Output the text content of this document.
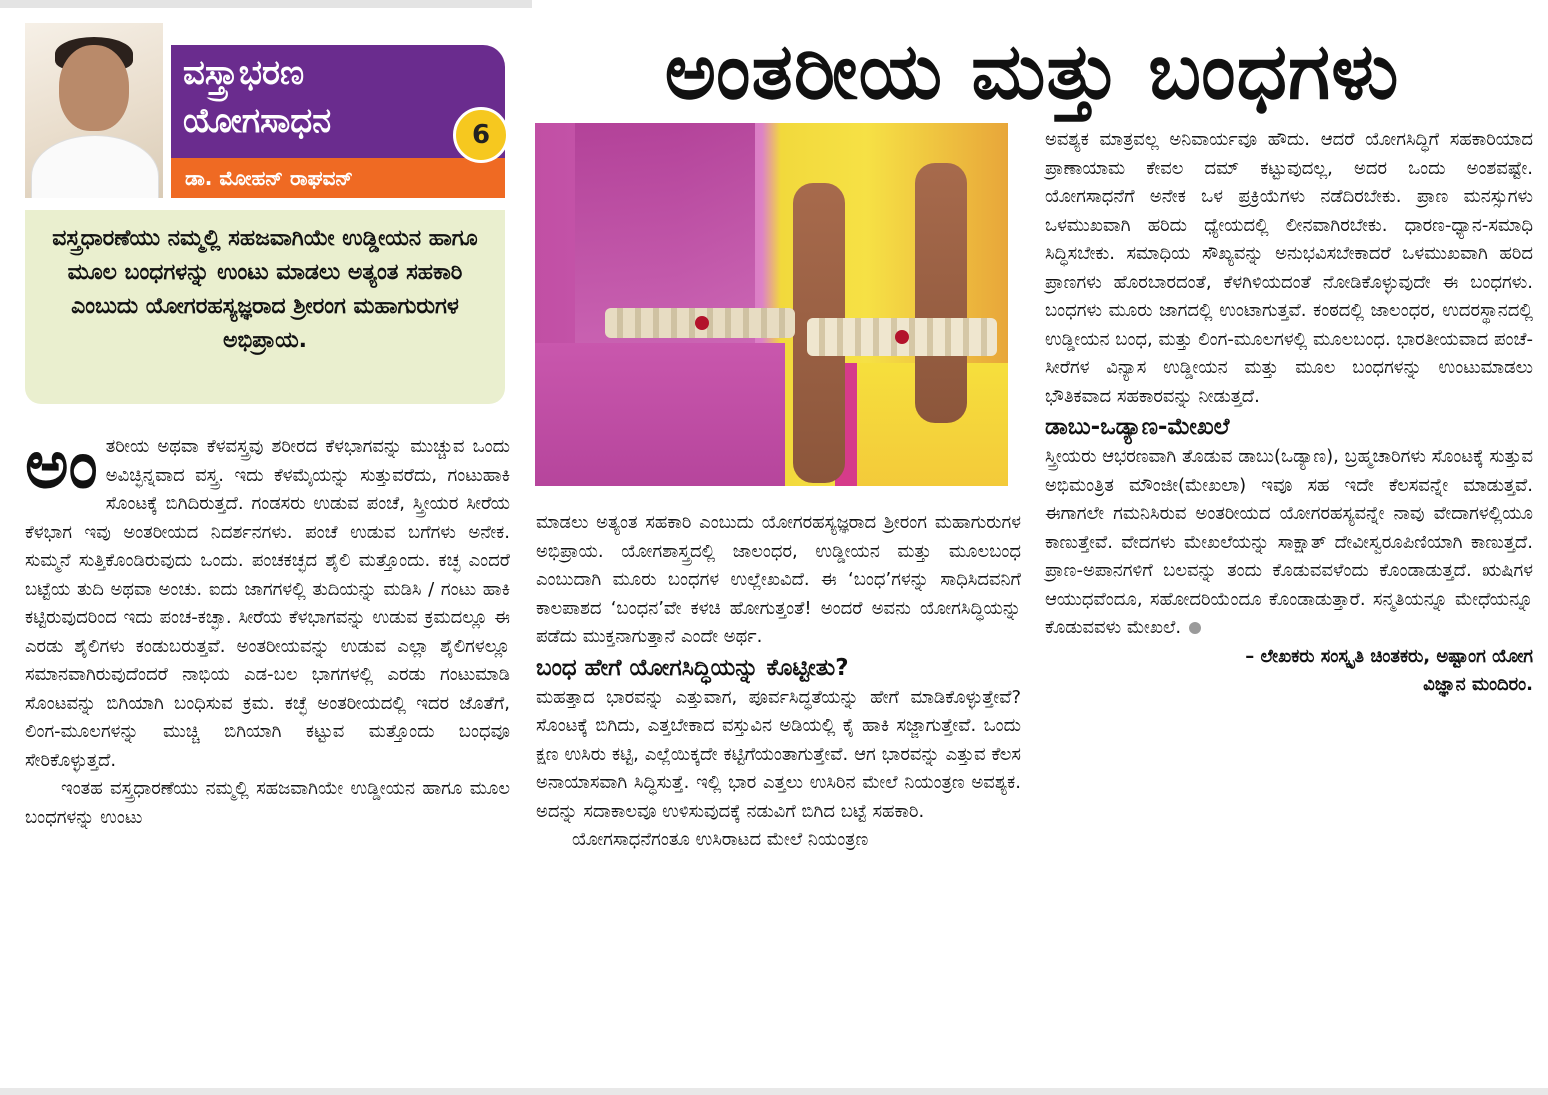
ವಸ್ತ್ರಾಭರಣ
ಯೋಗಸಾಧನ
ಡಾ. ಮೋಹನ್ ರಾಘವನ್
6

ವಸ್ತ್ರಧಾರಣೆಯು ನಮ್ಮಲ್ಲಿ ಸಹಜವಾಗಿಯೇ ಉಡ್ಡೀಯನ ಹಾಗೂ ಮೂಲ ಬಂಧಗಳನ್ನು ಉಂಟು ಮಾಡಲು ಅತ್ಯಂತ ಸಹಕಾರಿ ಎಂಬುದು ಯೋಗರಹಸ್ಯಜ್ಞರಾದ ಶ್ರೀರಂಗ ಮಹಾಗುರುಗಳ ಅಭಿಪ್ರಾಯ.

ಅಂತರೀಯ ಮತ್ತು ಬಂಧಗಳು

ಅಂತರೀಯ ಅಥವಾ ಕೆಳವಸ್ತ್ರವು ಶರೀರದ ಕೆಳಭಾಗವನ್ನು ಮುಚ್ಚುವ ಒಂದು ಅವಿಚ್ಛಿನ್ನವಾದ ವಸ್ತ್ರ. ಇದು ಕೆಳಮೈಯನ್ನು ಸುತ್ತುವರೆದು, ಗಂಟುಹಾಕಿ ಸೊಂಟಕ್ಕೆ ಬಿಗಿದಿರುತ್ತದೆ. ಗಂಡಸರು ಉಡುವ ಪಂಚೆ, ಸ್ತ್ರೀಯರ ಸೀರೆಯ ಕೆಳಭಾಗ ಇವು ಅಂತರೀಯದ ನಿದರ್ಶನಗಳು. ಪಂಚೆ ಉಡುವ ಬಗೆಗಳು ಅನೇಕ. ಸುಮ್ಮನೆ ಸುತ್ತಿಕೊಂಡಿರುವುದು ಒಂದು. ಪಂಚಕಚ್ಛದ ಶೈಲಿ ಮತ್ತೊಂದು. ಕಚ್ಛ ಎಂದರೆ ಬಟ್ಟೆಯ ತುದಿ ಅಥವಾ ಅಂಚು. ಐದು ಜಾಗಗಳಲ್ಲಿ ತುದಿಯನ್ನು ಮಡಿಸಿ / ಗಂಟು ಹಾಕಿ ಕಟ್ಟಿರುವುದರಿಂದ ಇದು ಪಂಚ-ಕಚ್ಛಾ. ಸೀರೆಯ ಕೆಳಭಾಗವನ್ನು ಉಡುವ ಕ್ರಮದಲ್ಲೂ ಈ ಎರಡು ಶೈಲಿಗಳು ಕಂಡುಬರುತ್ತವೆ. ಅಂತರೀಯವನ್ನು ಉಡುವ ಎಲ್ಲಾ ಶೈಲಿಗಳಲ್ಲೂ ಸಮಾನವಾಗಿರುವುದೆಂದರೆ ನಾಭಿಯ ಎಡ-ಬಲ ಭಾಗಗಳಲ್ಲಿ ಎರಡು ಗಂಟುಮಾಡಿ ಸೊಂಟವನ್ನು ಬಿಗಿಯಾಗಿ ಬಂಧಿಸುವ ಕ್ರಮ. ಕಚ್ಛೆ ಅಂತರೀಯದಲ್ಲಿ ಇದರ ಜೊತೆಗೆ, ಲಿಂಗ-ಮೂಲಗಳನ್ನು ಮುಚ್ಚಿ ಬಿಗಿಯಾಗಿ ಕಟ್ಟುವ ಮತ್ತೊಂದು ಬಂಧವೂ ಸೇರಿಕೊಳ್ಳುತ್ತದೆ.

ಇಂತಹ ವಸ್ತ್ರಧಾರಣೆಯು ನಮ್ಮಲ್ಲಿ ಸಹಜವಾಗಿಯೇ ಉಡ್ಡೀಯನ ಹಾಗೂ ಮೂಲ ಬಂಧಗಳನ್ನು ಉಂಟು

ಮಾಡಲು ಅತ್ಯಂತ ಸಹಕಾರಿ ಎಂಬುದು ಯೋಗರಹಸ್ಯಜ್ಞರಾದ ಶ್ರೀರಂಗ ಮಹಾಗುರುಗಳ ಅಭಿಪ್ರಾಯ. ಯೋಗಶಾಸ್ತ್ರದಲ್ಲಿ ಜಾಲಂಧರ, ಉಡ್ಡೀಯನ ಮತ್ತು ಮೂಲಬಂಧ ಎಂಬುದಾಗಿ ಮೂರು ಬಂಧಗಳ ಉಲ್ಲೇಖವಿದೆ. ಈ ‘ಬಂಧ’ಗಳನ್ನು ಸಾಧಿಸಿದವನಿಗೆ ಕಾಲಪಾಶದ ‘ಬಂಧನ’ವೇ ಕಳಚಿ ಹೋಗುತ್ತಂತೆ! ಅಂದರೆ ಅವನು ಯೋಗಸಿದ್ಧಿಯನ್ನು ಪಡೆದು ಮುಕ್ತನಾಗುತ್ತಾನೆ ಎಂದೇ ಅರ್ಥ.

ಬಂಧ ಹೇಗೆ ಯೋಗಸಿದ್ಧಿಯನ್ನು ಕೊಟ್ಟೀತು?

ಮಹತ್ತಾದ ಭಾರವನ್ನು ಎತ್ತುವಾಗ, ಪೂರ್ವಸಿದ್ಧತೆಯನ್ನು ಹೇಗೆ ಮಾಡಿಕೊಳ್ಳುತ್ತೇವೆ? ಸೊಂಟಕ್ಕೆ ಬಿಗಿದು, ಎತ್ತಬೇಕಾದ ವಸ್ತುವಿನ ಅಡಿಯಲ್ಲಿ ಕೈ ಹಾಕಿ ಸಜ್ಜಾಗುತ್ತೇವೆ. ಒಂದು ಕ್ಷಣ ಉಸಿರು ಕಟ್ಟಿ, ಎಲ್ಲೆಯಿಕ್ಕದೇ ಕಟ್ಟಿಗೆಯಂತಾಗುತ್ತೇವೆ. ಆಗ ಭಾರವನ್ನು ಎತ್ತುವ ಕೆಲಸ ಅನಾಯಾಸವಾಗಿ ಸಿದ್ಧಿಸುತ್ತೆ. ಇಲ್ಲಿ ಭಾರ ಎತ್ತಲು ಉಸಿರಿನ ಮೇಲೆ ನಿಯಂತ್ರಣ ಅವಶ್ಯಕ. ಅದನ್ನು ಸದಾಕಾಲವೂ ಉಳಿಸುವುದಕ್ಕೆ ನಡುವಿಗೆ ಬಿಗಿದ ಬಟ್ಟೆ ಸಹಕಾರಿ.

ಯೋಗಸಾಧನೆಗಂತೂ ಉಸಿರಾಟದ ಮೇಲೆ ನಿಯಂತ್ರಣ

ಅವಶ್ಯಕ ಮಾತ್ರವಲ್ಲ ಅನಿವಾರ್ಯವೂ ಹೌದು. ಆದರೆ ಯೋಗಸಿದ್ಧಿಗೆ ಸಹಕಾರಿಯಾದ ಪ್ರಾಣಾಯಾಮ ಕೇವಲ ದಮ್ ಕಟ್ಟುವುದಲ್ಲ, ಅದರ ಒಂದು ಅಂಶವಷ್ಟೇ. ಯೋಗಸಾಧನೆಗೆ ಅನೇಕ ಒಳ ಪ್ರಕ್ರಿಯೆಗಳು ನಡೆದಿರಬೇಕು. ಪ್ರಾಣ ಮನಸ್ಸುಗಳು ಒಳಮುಖವಾಗಿ ಹರಿದು ಧ್ಯೇಯದಲ್ಲಿ ಲೀನವಾಗಿರಬೇಕು. ಧಾರಣ-ಧ್ಯಾನ-ಸಮಾಧಿ ಸಿದ್ಧಿಸಬೇಕು. ಸಮಾಧಿಯ ಸೌಖ್ಯವನ್ನು ಅನುಭವಿಸಬೇಕಾದರೆ ಒಳಮುಖವಾಗಿ ಹರಿದ ಪ್ರಾಣಗಳು ಹೊರಬಾರದಂತೆ, ಕೆಳಗಿಳಿಯದಂತೆ ನೋಡಿಕೊಳ್ಳುವುದೇ ಈ ಬಂಧಗಳು. ಬಂಧಗಳು ಮೂರು ಜಾಗದಲ್ಲಿ ಉಂಟಾಗುತ್ತವೆ. ಕಂಠದಲ್ಲಿ ಜಾಲಂಧರ, ಉದರಸ್ಥಾನದಲ್ಲಿ ಉಡ್ಡೀಯನ ಬಂಧ, ಮತ್ತು ಲಿಂಗ-ಮೂಲಗಳಲ್ಲಿ ಮೂಲಬಂಧ. ಭಾರತೀಯವಾದ ಪಂಚೆ-ಸೀರೆಗಳ ವಿನ್ಯಾಸ ಉಡ್ಡೀಯನ ಮತ್ತು ಮೂಲ ಬಂಧಗಳನ್ನು ಉಂಟುಮಾಡಲು ಭೌತಿಕವಾದ ಸಹಕಾರವನ್ನು ನೀಡುತ್ತದೆ.

ಡಾಬು-ಒಡ್ಯಾಣ-ಮೇಖಲೆ

ಸ್ತ್ರೀಯರು ಆಭರಣವಾಗಿ ತೊಡುವ ಡಾಬು(ಒಡ್ಯಾಣ), ಬ್ರಹ್ಮಚಾರಿಗಳು ಸೊಂಟಕ್ಕೆ ಸುತ್ತುವ ಅಭಿಮಂತ್ರಿತ ಮೌಂಜೀ(ಮೇಖಲಾ) ಇವೂ ಸಹ ಇದೇ ಕೆಲಸವನ್ನೇ ಮಾಡುತ್ತವೆ. ಈಗಾಗಲೇ ಗಮನಿಸಿರುವ ಅಂತರೀಯದ ಯೋಗರಹಸ್ಯವನ್ನೇ ನಾವು ವೇದಾಗಳಲ್ಲಿಯೂ ಕಾಣುತ್ತೇವೆ. ವೇದಗಳು ಮೇಖಲೆಯನ್ನು ಸಾಕ್ಷಾತ್ ದೇವೀಸ್ವರೂಪಿಣಿಯಾಗಿ ಕಾಣುತ್ತದೆ. ಪ್ರಾಣ-ಅಪಾನಗಳಿಗೆ ಬಲವನ್ನು ತಂದು ಕೊಡುವವಳೆಂದು ಕೊಂಡಾಡುತ್ತದೆ. ಋಷಿಗಳ ಆಯುಧವೆಂದೂ, ಸಹೋದರಿಯೆಂದೂ ಕೊಂಡಾಡುತ್ತಾರೆ. ಸನ್ಮತಿಯನ್ನೂ ಮೇಧೆಯನ್ನೂ ಕೊಡುವವಳು ಮೇಖಲೆ.

– ಲೇಖಕರು ಸಂಸ್ಕೃತಿ ಚಿಂತಕರು, ಅಷ್ಟಾಂಗ ಯೋಗ
ವಿಜ್ಞಾನ ಮಂದಿರಂ.
